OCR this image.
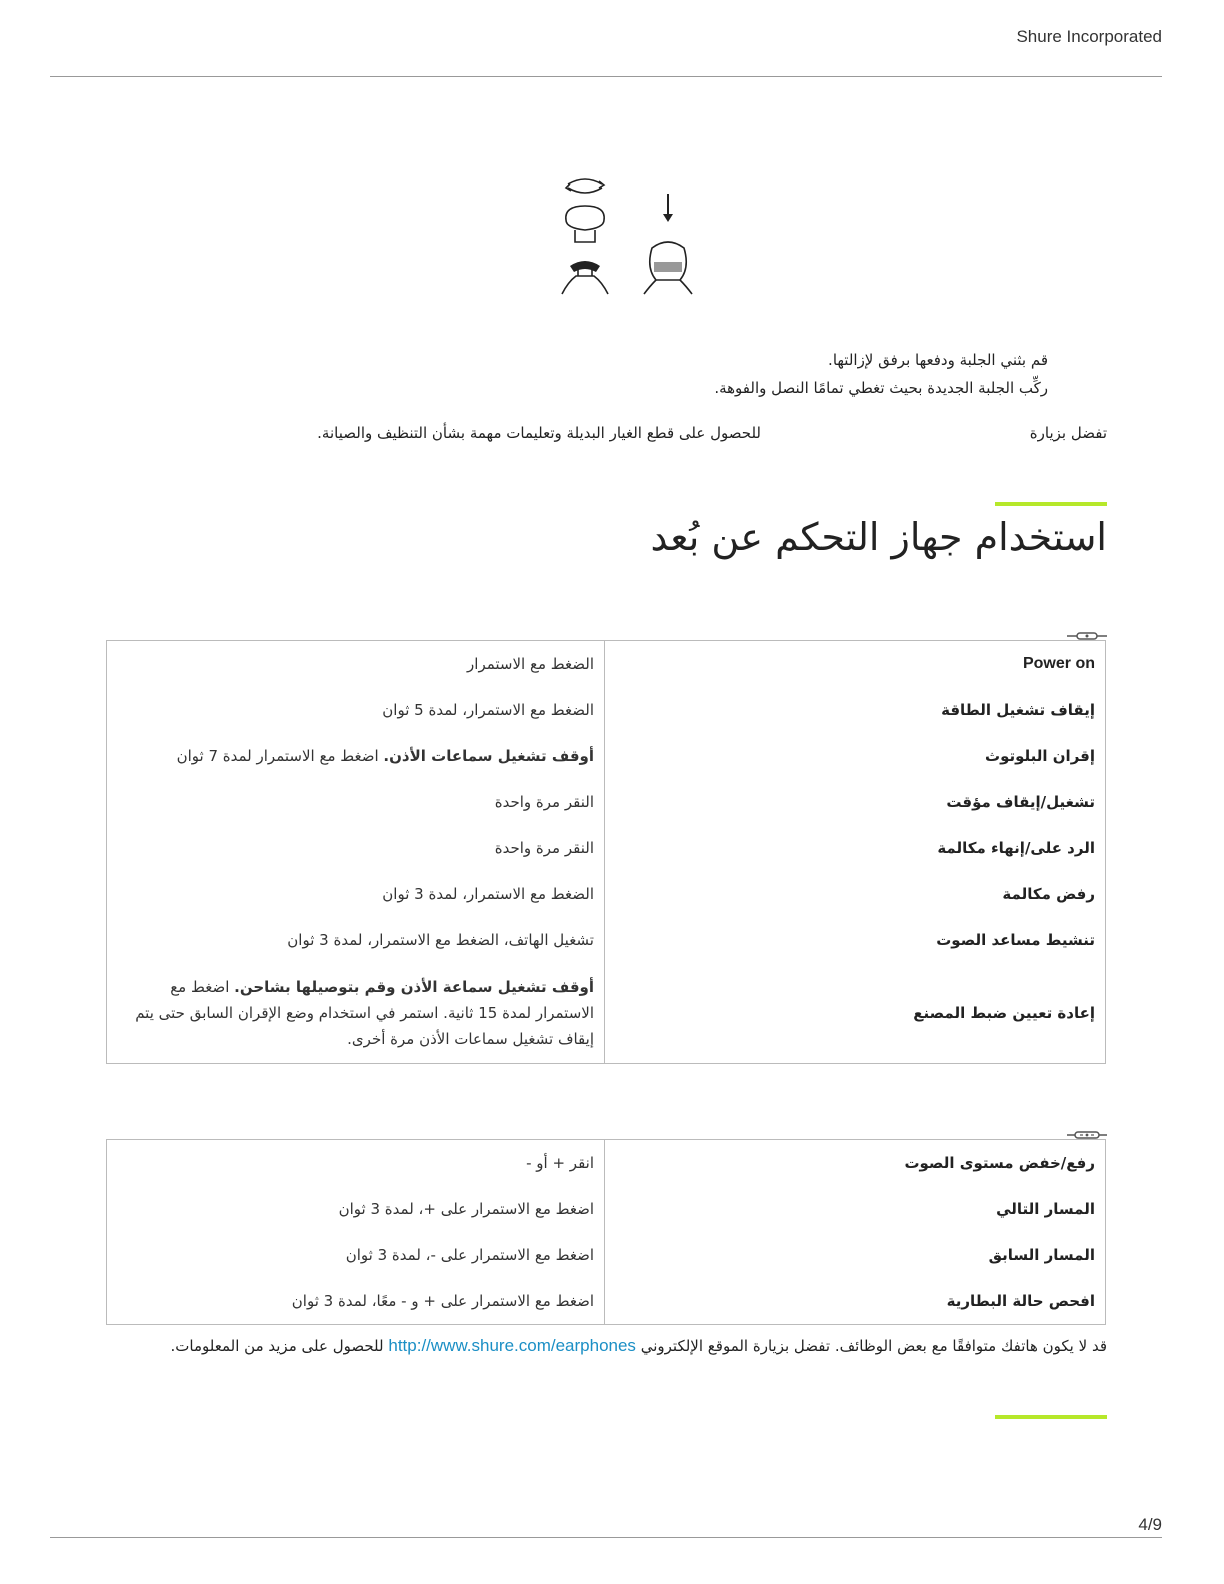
Shure Incorporated
قم بثني الجلبة ودفعها برفق لإزالتها.
ركِّب الجلبة الجديدة بحيث تغطي تمامًا النصل والفوهة.
تفضل بزيارة
للحصول على قطع الغيار البديلة وتعليمات مهمة بشأن التنظيف والصيانة.
استخدام جهاز التحكم عن بُعد
Power on	الضغط مع الاستمرار
إيقاف تشغيل الطاقة	الضغط مع الاستمرار، لمدة 5 ثوان
إقران البلوتوث	أوقف تشغيل سماعات الأذن. اضغط مع الاستمرار لمدة 7 ثوان
تشغيل/إيقاف مؤقت	النقر مرة واحدة
الرد على/إنهاء مكالمة	النقر مرة واحدة
رفض مكالمة	الضغط مع الاستمرار، لمدة 3 ثوان
تنشيط مساعد الصوت	تشغيل الهاتف، الضغط مع الاستمرار، لمدة 3 ثوان
إعادة تعيين ضبط المصنع	أوقف تشغيل سماعة الأذن وقم بتوصيلها بشاحن. اضغط مع الاستمرار لمدة 15 ثانية. استمر في استخدام وضع الإقران السابق حتى يتم إيقاف تشغيل سماعات الأذن مرة أخرى.
رفع/خفض مستوى الصوت	انقر + أو -
المسار التالي	اضغط مع الاستمرار على +، لمدة 3 ثوان
المسار السابق	اضغط مع الاستمرار على -، لمدة 3 ثوان
افحص حالة البطارية	اضغط مع الاستمرار على + و - معًا، لمدة 3 ثوان
قد لا يكون هاتفك متوافقًا مع بعض الوظائف. تفضل بزيارة الموقع الإلكتروني http://www.shure.com/earphones للحصول على مزيد من المعلومات.
4/9
